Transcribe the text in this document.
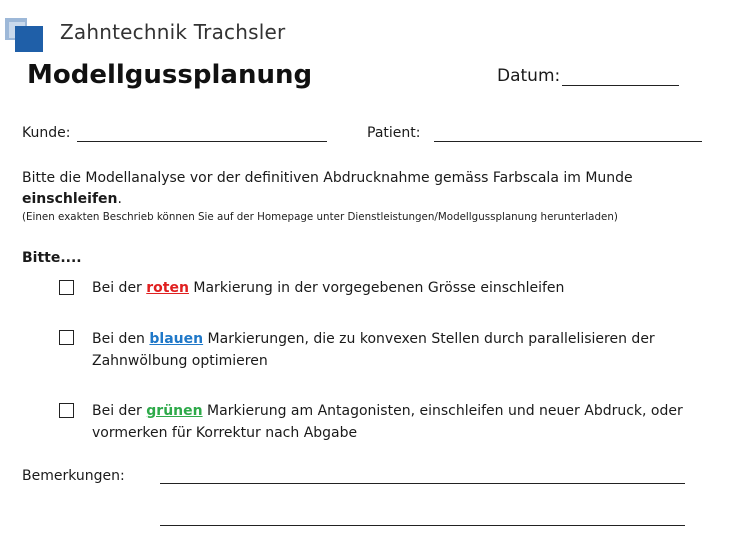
Zahntechnik Trachsler
Modellgussplanung	Datum:
Kunde:	Patient:
Bitte die Modellanalyse vor der definitiven Abdrucknahme gemäss Farbscala im Munde einschleifen.
(Einen exakten Beschrieb können Sie auf der Homepage unter Dienstleistungen/Modellgussplanung herunterladen)
Bitte....
Bei der roten Markierung in der vorgegebenen Grösse einschleifen
Bei den blauen Markierungen, die zu konvexen Stellen durch parallelisieren der Zahnwölbung optimieren
Bei der grünen Markierung am Antagonisten, einschleifen und neuer Abdruck, oder vormerken für Korrektur nach Abgabe
Bemerkungen:
